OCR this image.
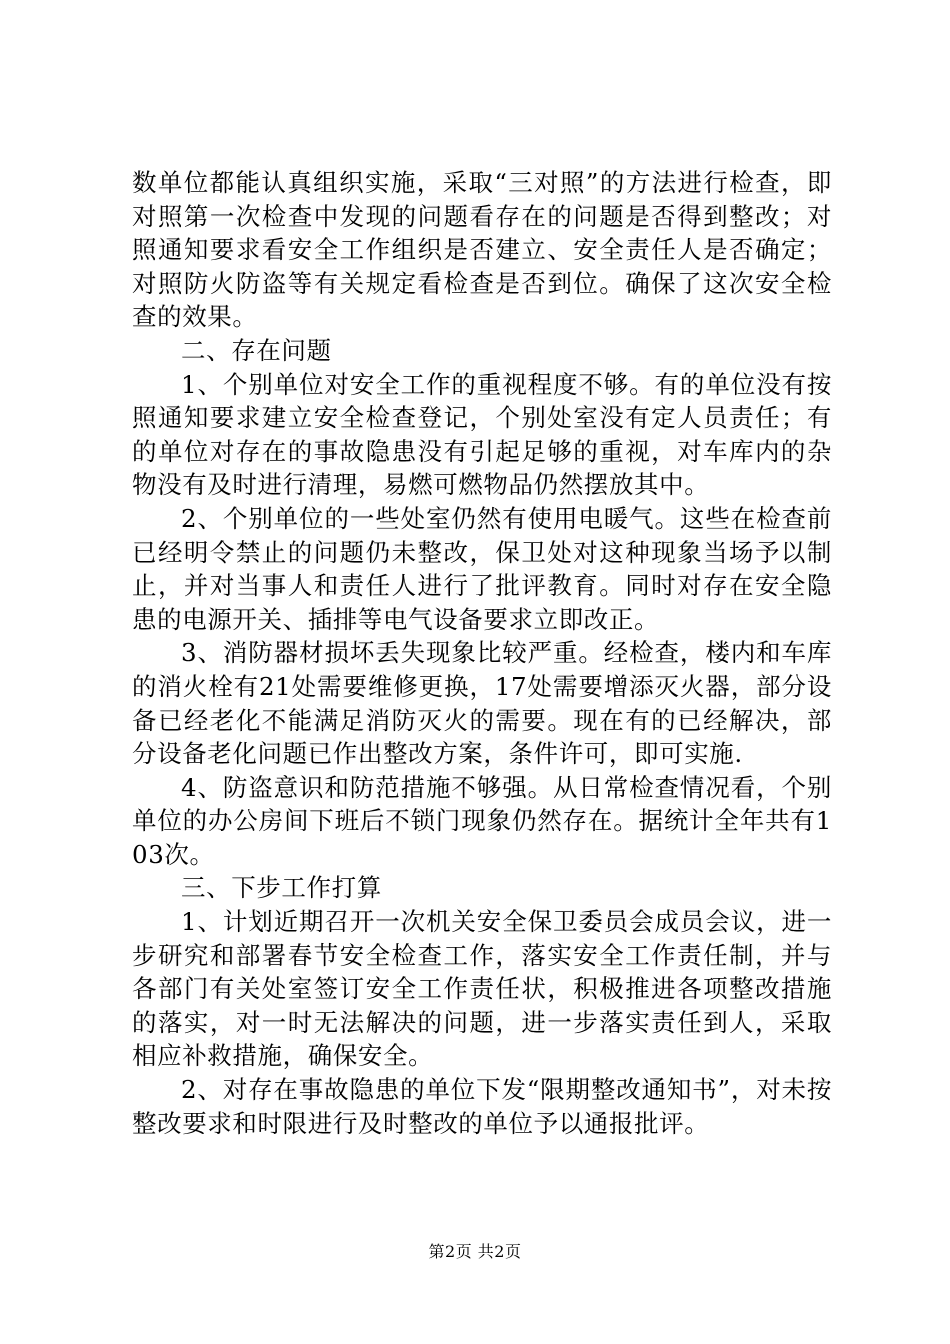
数单位都能认真组织实施，采取“三对照”的方法进行检查，即对照第一次检查中发现的问题看存在的问题是否得到整改；对照通知要求看安全工作组织是否建立、安全责任人是否确定；对照防火防盗等有关规定看检查是否到位。确保了这次安全检查的效果。

二、存在问题

1、个别单位对安全工作的重视程度不够。有的单位没有按照通知要求建立安全检查登记，个别处室没有定人员责任；有的单位对存在的事故隐患没有引起足够的重视，对车库内的杂物没有及时进行清理，易燃可燃物品仍然摆放其中。

2、个别单位的一些处室仍然有使用电暖气。这些在检查前已经明令禁止的问题仍未整改，保卫处对这种现象当场予以制止，并对当事人和责任人进行了批评教育。同时对存在安全隐患的电源开关、插排等电气设备要求立即改正。

3、消防器材损坏丢失现象比较严重。经检查，楼内和车库的消火栓有21处需要维修更换，17处需要增添灭火器，部分设备已经老化不能满足消防灭火的需要。现在有的已经解决，部分设备老化问题已作出整改方案，条件许可，即可实施.

4、防盗意识和防范措施不够强。从日常检查情况看，个别单位的办公房间下班后不锁门现象仍然存在。据统计全年共有103次。

三、下步工作打算

1、计划近期召开一次机关安全保卫委员会成员会议，进一步研究和部署春节安全检查工作，落实安全工作责任制，并与各部门有关处室签订安全工作责任状，积极推进各项整改措施的落实，对一时无法解决的问题，进一步落实责任到人，采取相应补救措施，确保安全。

2、对存在事故隐患的单位下发“限期整改通知书”，对未按整改要求和时限进行及时整改的单位予以通报批评。

第2页 共2页
